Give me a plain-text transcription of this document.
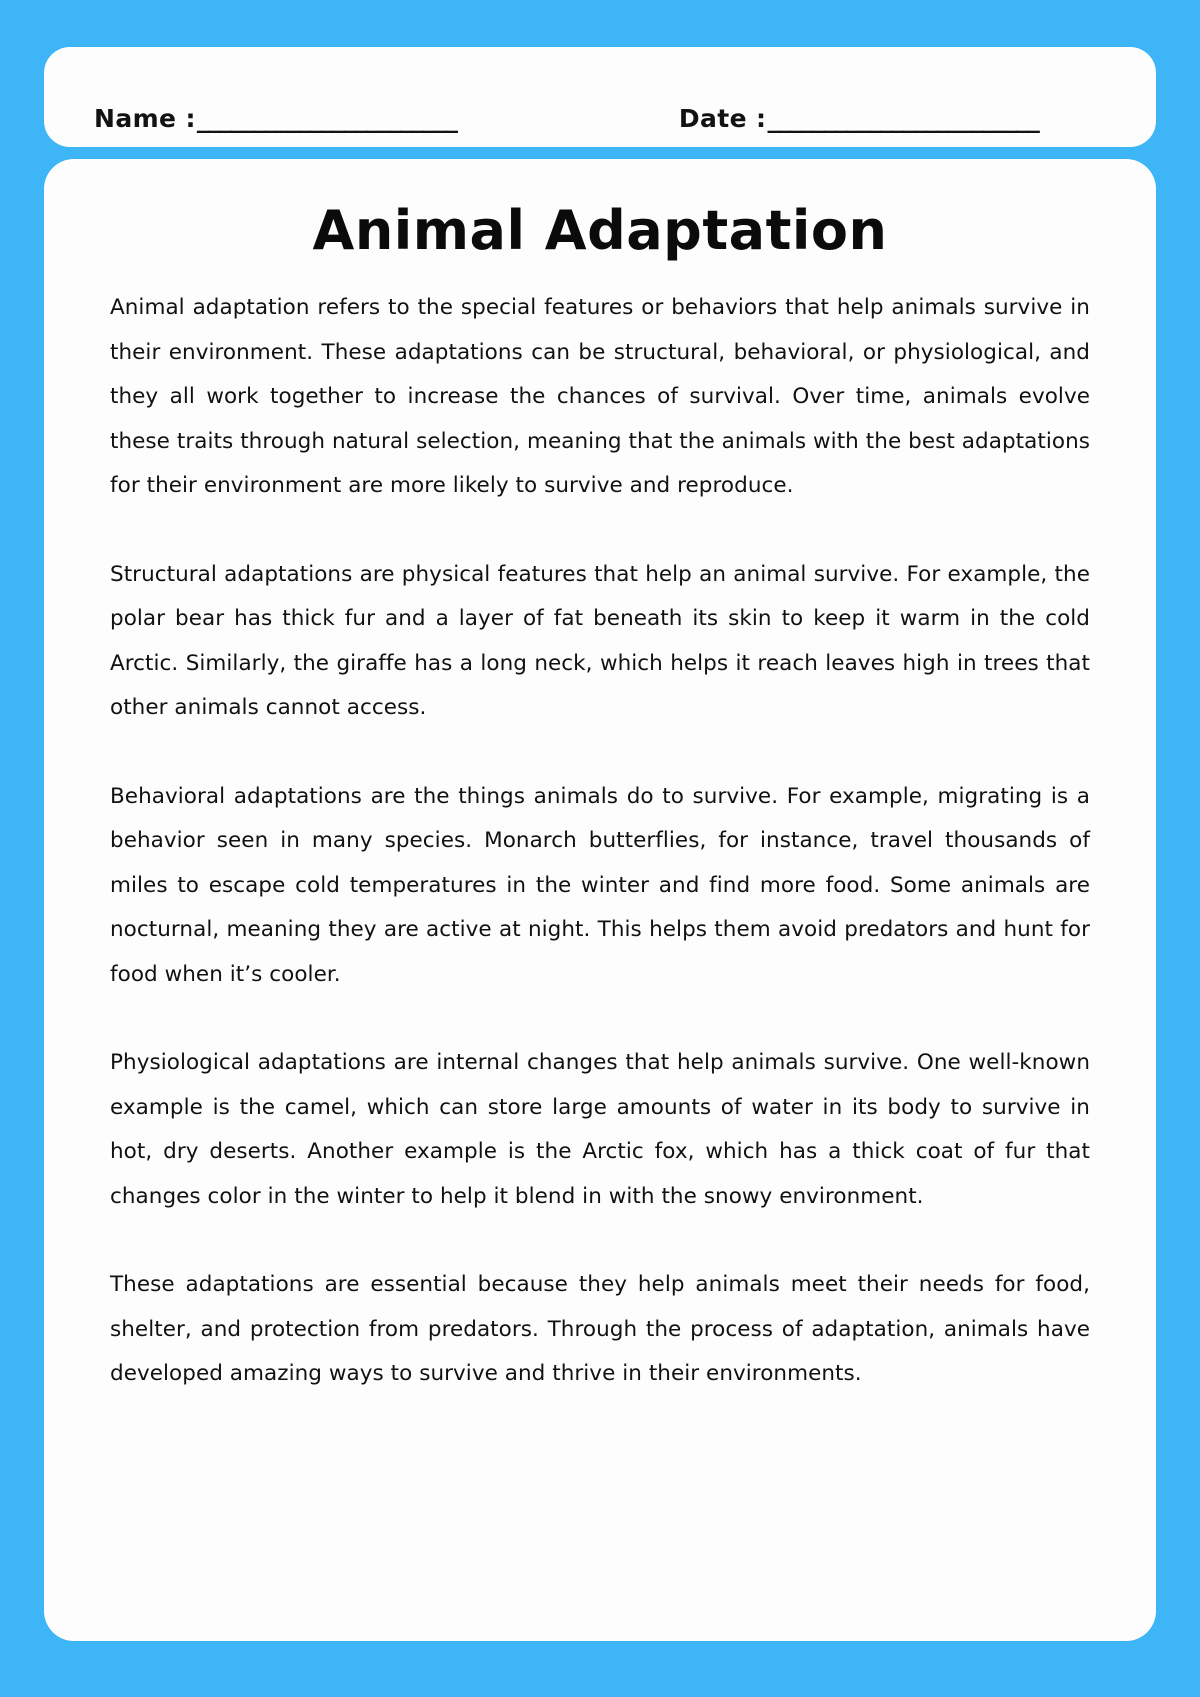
Name : _______________________	Date : ________________________
Animal Adaptation

Animal adaptation refers to the special features or behaviors that help animals survive in their environment. These adaptations can be structural, behavioral, or physiological, and they all work together to increase the chances of survival. Over time, animals evolve these traits through natural selection, meaning that the animals with the best adaptations for their environment are more likely to survive and reproduce.

Structural adaptations are physical features that help an animal survive. For example, the polar bear has thick fur and a layer of fat beneath its skin to keep it warm in the cold Arctic. Similarly, the giraffe has a long neck, which helps it reach leaves high in trees that other animals cannot access.

Behavioral adaptations are the things animals do to survive. For example, migrating is a behavior seen in many species. Monarch butterflies, for instance, travel thousands of miles to escape cold temperatures in the winter and find more food. Some animals are nocturnal, meaning they are active at night. This helps them avoid predators and hunt for food when it’s cooler.

Physiological adaptations are internal changes that help animals survive. One well-known example is the camel, which can store large amounts of water in its body to survive in hot, dry deserts. Another example is the Arctic fox, which has a thick coat of fur that changes color in the winter to help it blend in with the snowy environment.

These adaptations are essential because they help animals meet their needs for food, shelter, and protection from predators. Through the process of adaptation, animals have developed amazing ways to survive and thrive in their environments.
